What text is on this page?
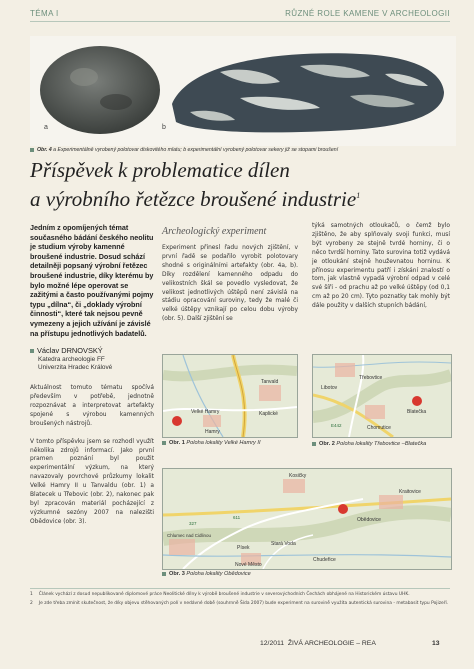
TÉMA I	RŮZNÉ ROLE KAMENE V ARCHEOLOGII
a	b
Obr. 4 a Experimentálně vyrobený polotovar diskovitého mlatu; b experimentální vyrobený polotovar sekery již se stopami broušení
Příspěvek k problematice dílen
a výrobního řetězce broušené industrie$^1$
Jedním z opomíjených témat současného bádání českého neolitu je studium výroby kamenné broušené industrie. Dosud schází detailněji popsaný výrobní řetězec broušené industrie, díky kterému by bylo možné lépe operovat se zažitými a často používanými pojmy typu „dílna“, či „doklady výrobní činnosti“, které tak nejsou pevně vymezeny a jejich užívání je závislé na přístupu jednotlivých badatelů.
Václav DRNOVSKÝ
Katedra archeologie FF
Univerzita Hradec Králové
Aktuálnost tomuto tématu spočívá především v potřebě, jednotně rozpoznávat a interpretovat artefakty spojené s výrobou kamenných broušených nástrojů.
V tomto příspěvku jsem se rozhodl využít několika zdrojů informací. Jako první pramen poznání byl použit experimentální výzkum, na který navazovaly povrchové průzkumy lokalit Velké Hamry II u Tanvaldu (obr. 1) a Blatecek u Třebovic (obr. 2), nakonec pak byl zpracován materiál pocházející z výzkumné sezóny 2007 na nalezišti Obědovice (obr. 3).
Archeologický experiment
Experiment přinesl řadu nových zjištění, v první řadě se podařilo vyrobit polotovary shodné s originálními artefakty (obr. 4a, b). Díky rozdělení kamenného odpadu do velikostních škál se povedlo vysledovat, že velikost jednotlivých úštěpů není závislá na stádiu opracování suroviny, tedy že malé či velké úštěpy vznikají po celou dobu výroby (obr. 5). Další zjištění se
týká samotných otloukačů, o čemž bylo zjištěno, že aby splňovaly svoji funkci, musí být vyrobeny ze stejně tvrdé horniny, či o něco tvrdší horniny. Tato surovina totiž vydává je otloukání stejně houževnatou horninu. K přínosu experimentu patří i získání znalostí o tom, jak vlastně vypadá výrobní odpad v celé své šíři - od prachu až po velké úštěpy (od 0,1 cm až po 20 cm). Tyto poznatky tak mohly být dále použity v dalších stupních bádání,
Tanvald
Velké Hamry	Kaplické
Hamry
Obr. 1 Poloha lokality Velké Hamry II
Třebovtice
Blatečka
Libotov
Chomutice
E442
Obr. 2 Poloha lokality Třebovtice –Blatečka
Kosičky
Kraitovice
Obědovice
Chlumec nad Cidlinou
Písek
Nové Město
Stará Voda
Chudeřice
327
611
Obr. 3 Poloha lokality Obědovice
1 Článek vychází z dosud nepublikované diplomové práce Neolitické dílny k výrobě broušené industrie v severovýchodních Čechách obhájené na Historickém ústavu UHK.
2 Je zde třeba zmínit skutečnost, že díky objevu stěhovaných polí v nedávné době (souhrnně Šída 2007) bude experiment na surovině využita autentická surovina - metabasit typu Pojizeří.
12/2011 ŽIVÁ ARCHEOLOGIE – REA	13
